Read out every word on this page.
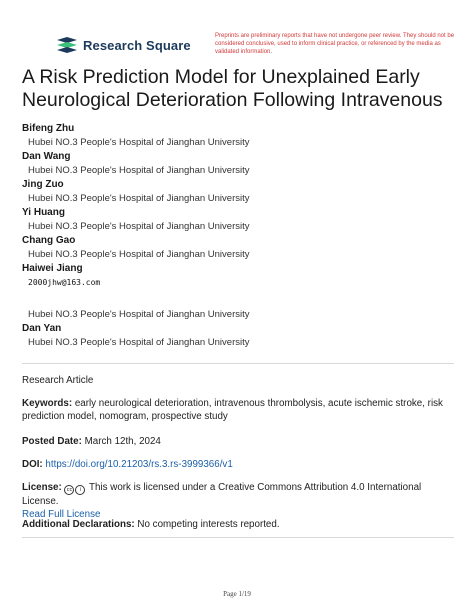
Research Square
Preprints are preliminary reports that have not undergone peer review. They should not be considered conclusive, used to inform clinical practice, or referenced by the media as validated information.
A Risk Prediction Model for Unexplained Early Neurological Deterioration Following Intravenous
Bifeng Zhu
Hubei NO.3 People's Hospital of Jianghan University
Dan Wang
Hubei NO.3 People's Hospital of Jianghan University
Jing Zuo
Hubei NO.3 People's Hospital of Jianghan University
Yi Huang
Hubei NO.3 People's Hospital of Jianghan University
Chang Gao
Hubei NO.3 People's Hospital of Jianghan University
Haiwei Jiang
2000jhw@163.com
Hubei NO.3 People's Hospital of Jianghan University
Dan Yan
Hubei NO.3 People's Hospital of Jianghan University
Research Article
Keywords: early neurological deterioration, intravenous thrombolysis, acute ischemic stroke, risk prediction model, nomogram, prospective study
Posted Date: March 12th, 2024
DOI: https://doi.org/10.21203/rs.3.rs-3999366/v1
License: cc i This work is licensed under a Creative Commons Attribution 4.0 International License.
Read Full License
Additional Declarations: No competing interests reported.
Page 1/19
